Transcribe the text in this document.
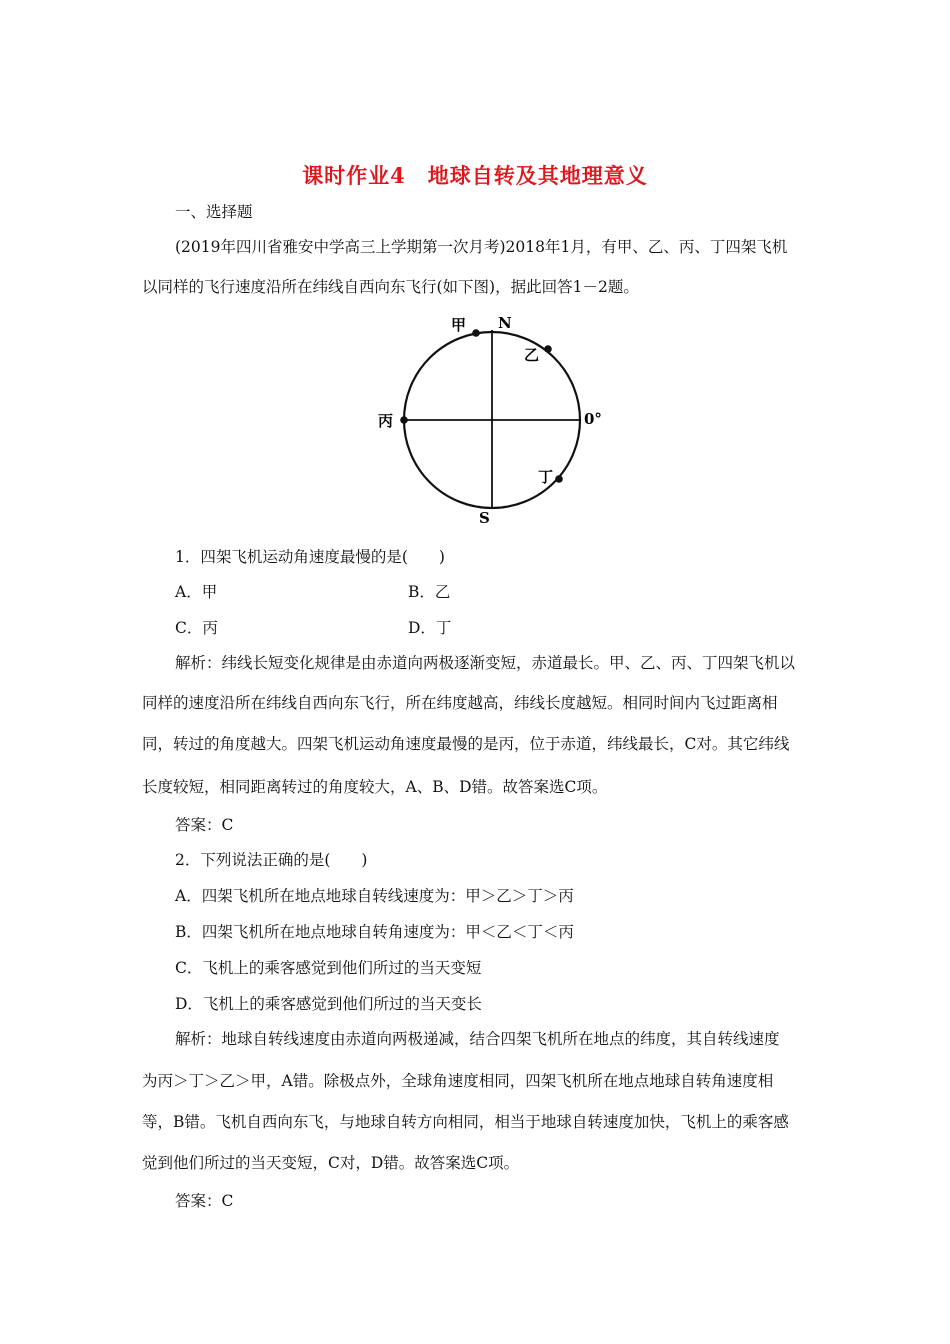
课时作业4　地球自转及其地理意义
一、选择题
(2019年四川省雅安中学高三上学期第一次月考)2018年1月，有甲、乙、丙、丁四架飞机
以同样的飞行速度沿所在纬线自西向东飞行(如下图)，据此回答1－2题。
N
S
0°
甲
乙
丙
丁
1．四架飞机运动角速度最慢的是(　　)
A．甲	B．乙
C．丙	D．丁
解析：纬线长短变化规律是由赤道向两极逐渐变短，赤道最长。甲、乙、丙、丁四架飞机以
同样的速度沿所在纬线自西向东飞行，所在纬度越高，纬线长度越短。相同时间内飞过距离相
同，转过的角度越大。四架飞机运动角速度最慢的是丙，位于赤道，纬线最长，C对。其它纬线
长度较短，相同距离转过的角度较大，A、B、D错。故答案选C项。
答案：C
2．下列说法正确的是(　　)
A．四架飞机所在地点地球自转线速度为：甲＞乙＞丁＞丙
B．四架飞机所在地点地球自转角速度为：甲＜乙＜丁＜丙
C．飞机上的乘客感觉到他们所过的当天变短
D．飞机上的乘客感觉到他们所过的当天变长
解析：地球自转线速度由赤道向两极递减，结合四架飞机所在地点的纬度，其自转线速度
为丙＞丁＞乙＞甲，A错。除极点外，全球角速度相同，四架飞机所在地点地球自转角速度相
等，B错。飞机自西向东飞，与地球自转方向相同，相当于地球自转速度加快，飞机上的乘客感
觉到他们所过的当天变短，C对，D错。故答案选C项。
答案：C
